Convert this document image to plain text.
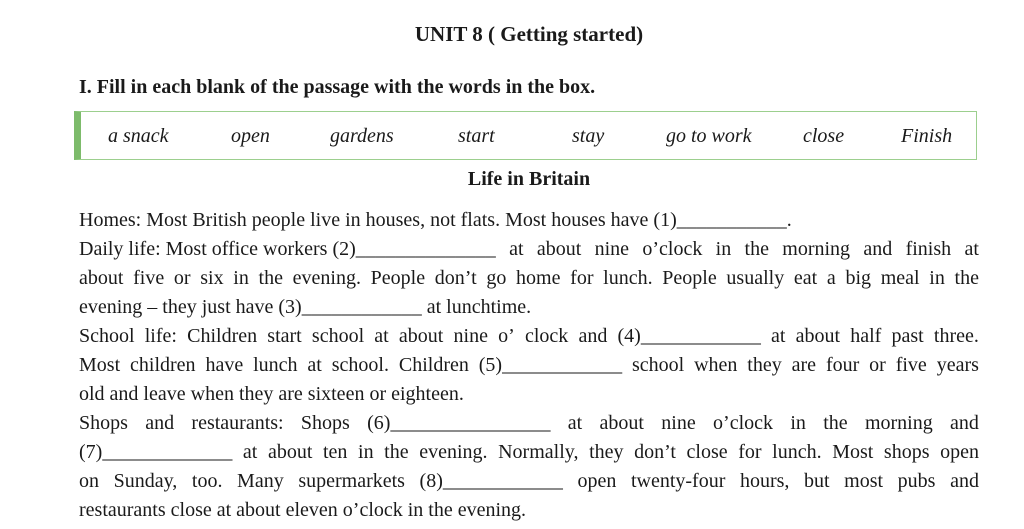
UNIT 8 ( Getting started)
I. Fill in each blank of the passage with the words in the box.
a snack	open	gardens	start	stay	go to work	close	Finish
Life in Britain
Homes: Most British people live in houses, not flats. Most houses have (1)___________.
Daily life: Most office workers (2)______________ at about nine o’clock in the morning and finish at
about five or six in the evening. People don’t go home for lunch. People usually eat a big meal in the
evening – they just have (3)____________ at lunchtime.
School life: Children start school at about nine o’ clock and (4)____________ at about half past three.
Most children have lunch at school. Children (5)____________ school when they are four or five years
old and leave when they are sixteen or eighteen.
Shops and restaurants: Shops (6)________________ at about nine o’clock in the morning and
(7)_____________ at about ten in the evening. Normally, they don’t close for lunch. Most shops open
on Sunday, too. Many supermarkets (8)____________ open twenty-four hours, but most pubs and
restaurants close at about eleven o’clock in the evening.
